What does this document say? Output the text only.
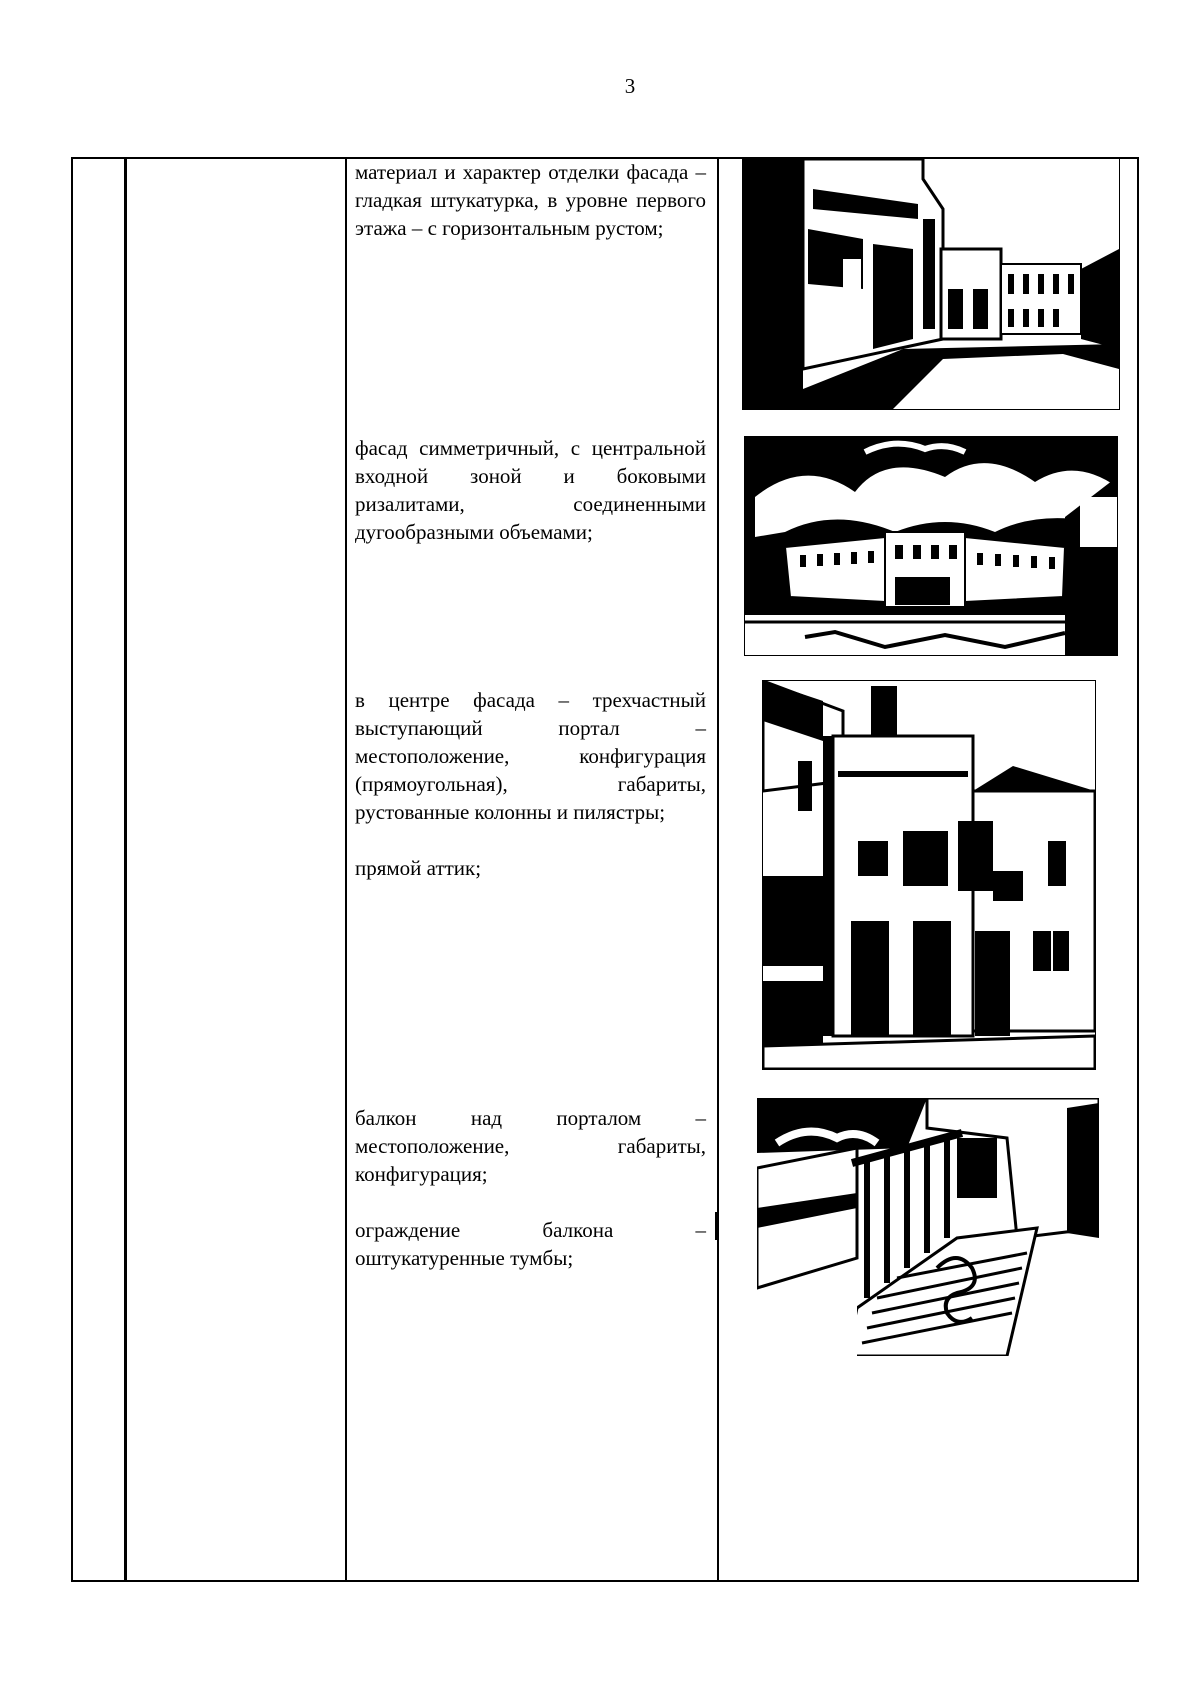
3

материал и характер отделки фасада – гладкая штукатурка, в уровне первого этажа – с горизонтальным рустом;

фасад симметричный, с центральной входной зоной и боковыми ризалитами, соединенными дугообразными объемами;

в центре фасада – трехчастный выступающий портал – местоположение, конфигурация (прямоугольная), габариты, рустованные колонны и пилястры;

прямой аттик;

балкон над порталом – местоположение, габариты, конфигурация;

ограждение балкона – оштукатуренные тумбы;
